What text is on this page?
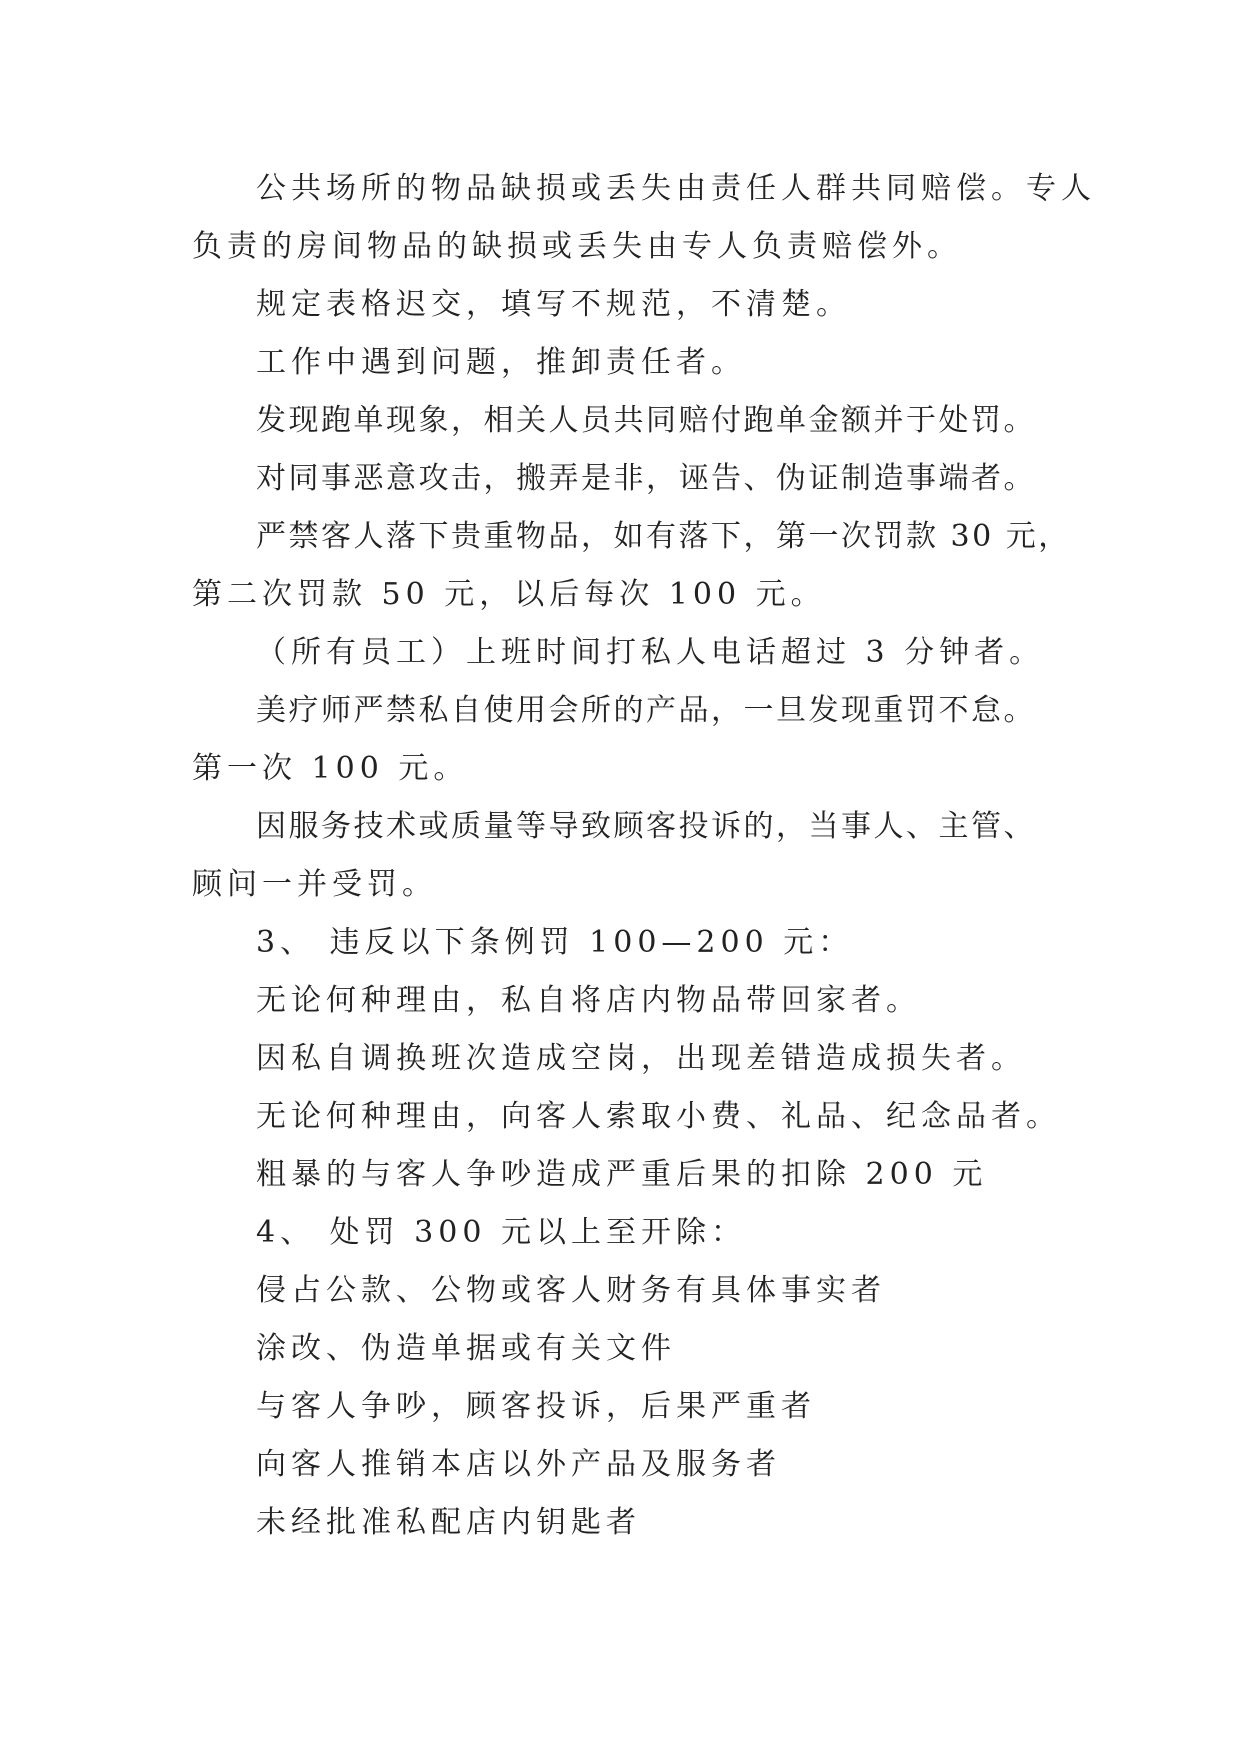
公共场所的物品缺损或丢失由责任人群共同赔偿。专人
负责的房间物品的缺损或丢失由专人负责赔偿外。
规定表格迟交，填写不规范，不清楚。
工作中遇到问题，推卸责任者。
发现跑单现象，相关人员共同赔付跑单金额并于处罚。
对同事恶意攻击，搬弄是非，诬告、伪证制造事端者。
严禁客人落下贵重物品，如有落下，第一次罚款 30 元，
第二次罚款 50 元，以后每次 100 元。
（所有员工）上班时间打私人电话超过 3 分钟者。
美疗师严禁私自使用会所的产品，一旦发现重罚不怠。
第一次 100 元。
因服务技术或质量等导致顾客投诉的，当事人、主管、
顾问一并受罚。
3、 违反以下条例罚 100—200 元：
无论何种理由，私自将店内物品带回家者。
因私自调换班次造成空岗，出现差错造成损失者。
无论何种理由，向客人索取小费、礼品、纪念品者。
粗暴的与客人争吵造成严重后果的扣除 200 元
4、 处罚 300 元以上至开除：
侵占公款、公物或客人财务有具体事实者
涂改、伪造单据或有关文件
与客人争吵，顾客投诉，后果严重者
向客人推销本店以外产品及服务者
未经批准私配店内钥匙者
